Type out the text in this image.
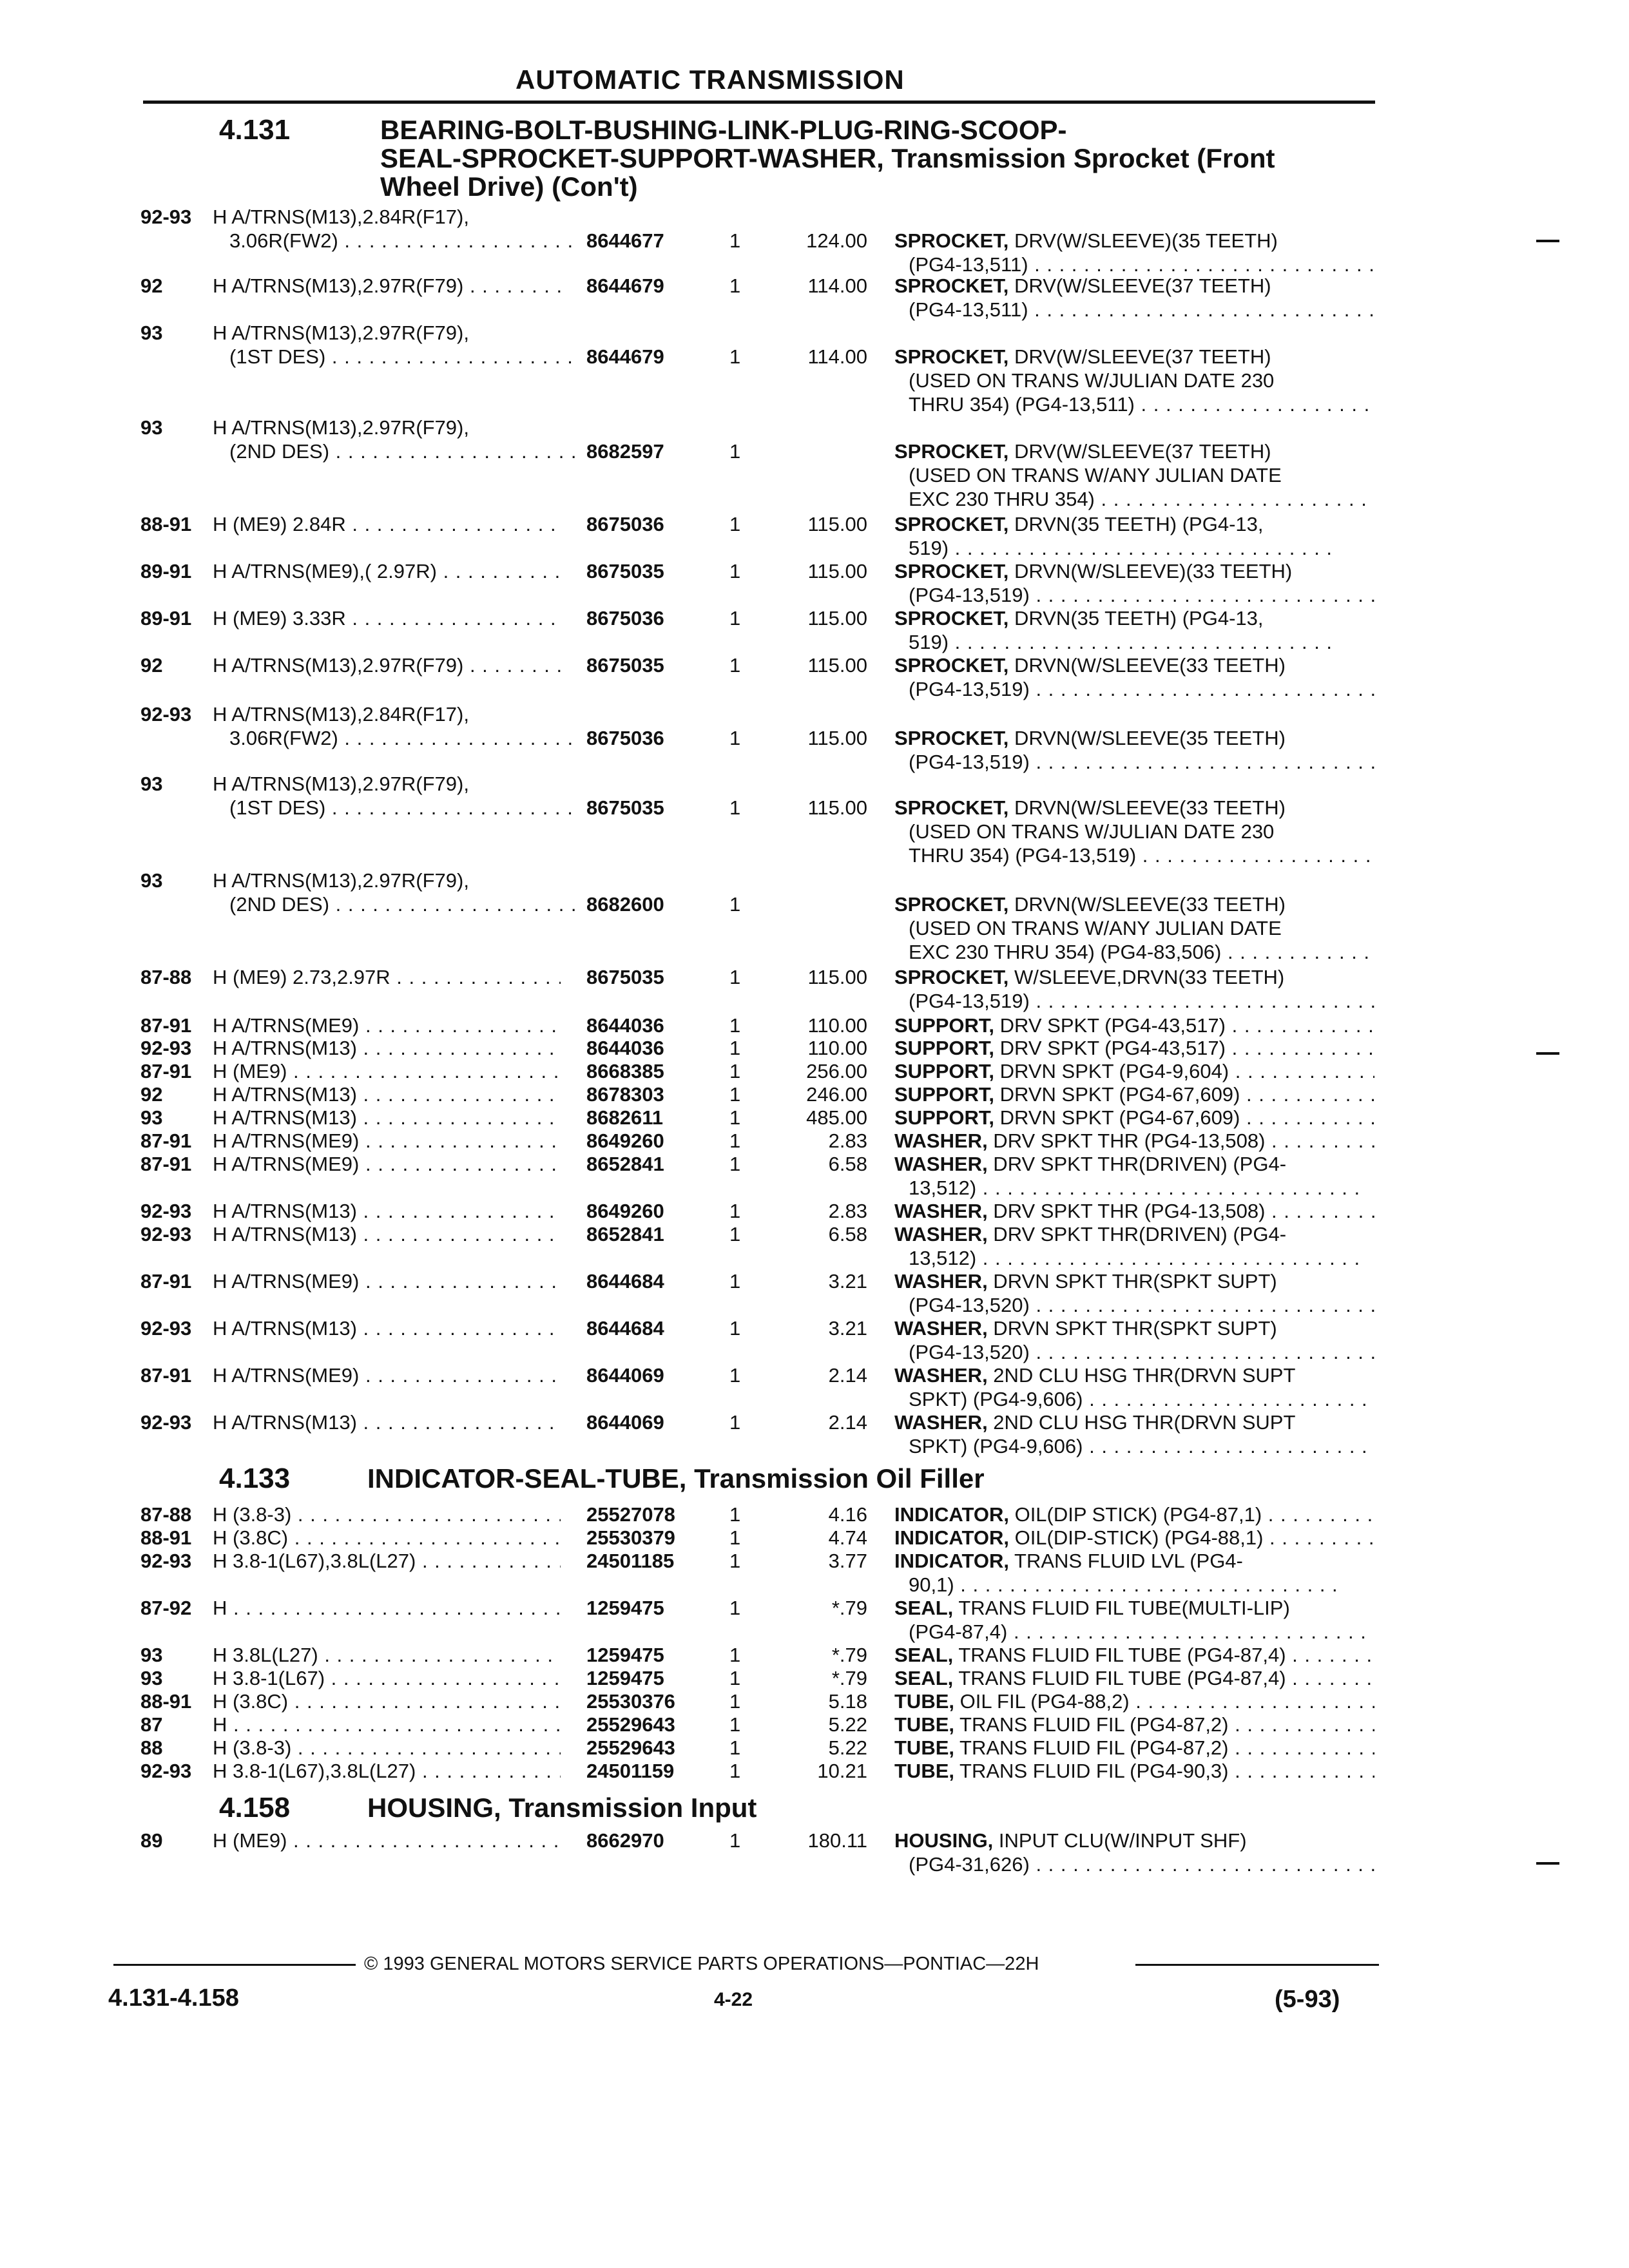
AUTOMATIC TRANSMISSION
4.131	BEARING-BOLT-BUSHING-LINK-PLUG-RING-SCOOP-
SEAL-SPROCKET-SUPPORT-WASHER, Transmission Sprocket (Front
Wheel Drive) (Con't)
92-93 H A/TRNS(M13),2.84R(F17),
3.06R(FW2) . . .	8644677	1	124.00 SPROCKET, DRV(W/SLEEVE)(35 TEETH)
(PG4-13,511) . . .
92	H A/TRNS(M13),2.97R(F79) . . .	8644679	1	114.00 SPROCKET, DRV(W/SLEEVE(37 TEETH)
(PG4-13,511) . . .
93	H A/TRNS(M13),2.97R(F79),
(1ST DES) . . .	8644679	1	114.00 SPROCKET, DRV(W/SLEEVE(37 TEETH)
(USED ON TRANS W/JULIAN DATE 230
THRU 354) (PG4-13,511) . . .
93	H A/TRNS(M13),2.97R(F79),
(2ND DES) . . .	8682597	1	SPROCKET, DRV(W/SLEEVE(37 TEETH)
(USED ON TRANS W/ANY JULIAN DATE
EXC 230 THRU 354) . . .
88-91 H (ME9) 2.84R . . .	8675036	1	115.00 SPROCKET, DRVN(35 TEETH) (PG4-13,
519) . . .
89-91 H A/TRNS(ME9),( 2.97R) . . .	8675035	1	115.00 SPROCKET, DRVN(W/SLEEVE)(33 TEETH)
(PG4-13,519) . . .
89-91 H (ME9) 3.33R . . .	8675036	1	115.00 SPROCKET, DRVN(35 TEETH) (PG4-13,
519) . . .
92	H A/TRNS(M13),2.97R(F79) . . .	8675035	1	115.00 SPROCKET, DRVN(W/SLEEVE(33 TEETH)
(PG4-13,519) . . .
92-93 H A/TRNS(M13),2.84R(F17),
3.06R(FW2) . . .	8675036	1	115.00 SPROCKET, DRVN(W/SLEEVE(35 TEETH)
(PG4-13,519) . . .
93	H A/TRNS(M13),2.97R(F79),
(1ST DES) . . .	8675035	1	115.00 SPROCKET, DRVN(W/SLEEVE(33 TEETH)
(USED ON TRANS W/JULIAN DATE 230
THRU 354) (PG4-13,519) . . .
93	H A/TRNS(M13),2.97R(F79),
(2ND DES) . . .	8682600	1	SPROCKET, DRVN(W/SLEEVE(33 TEETH)
(USED ON TRANS W/ANY JULIAN DATE
EXC 230 THRU 354) (PG4-83,506) . . .
87-88 H (ME9) 2.73,2.97R . . .	8675035	1	115.00 SPROCKET, W/SLEEVE,DRVN(33 TEETH)
(PG4-13,519) . . .
87-91 H A/TRNS(ME9) . . .	8644036	1	110.00 SUPPORT, DRV SPKT (PG4-43,517) . . .
92-93 H A/TRNS(M13) . . .	8644036	1	110.00 SUPPORT, DRV SPKT (PG4-43,517) . . .
87-91 H (ME9) . . .	8668385	1	256.00 SUPPORT, DRVN SPKT (PG4-9,604) . . .
92	H A/TRNS(M13) . . .	8678303	1	246.00 SUPPORT, DRVN SPKT (PG4-67,609) . . .
93	H A/TRNS(M13) . . .	8682611	1	485.00 SUPPORT, DRVN SPKT (PG4-67,609) . . .
87-91 H A/TRNS(ME9) . . .	8649260	1	2.83 WASHER, DRV SPKT THR (PG4-13,508) . . .
87-91 H A/TRNS(ME9) . . .	8652841	1	6.58 WASHER, DRV SPKT THR(DRIVEN) (PG4-
13,512) . . .
92-93 H A/TRNS(M13) . . .	8649260	1	2.83 WASHER, DRV SPKT THR (PG4-13,508) . . .
92-93 H A/TRNS(M13) . . .	8652841	1	6.58 WASHER, DRV SPKT THR(DRIVEN) (PG4-
13,512) . . .
87-91 H A/TRNS(ME9) . . .	8644684	1	3.21 WASHER, DRVN SPKT THR(SPKT SUPT)
(PG4-13,520) . . .
92-93 H A/TRNS(M13) . . .	8644684	1	3.21 WASHER, DRVN SPKT THR(SPKT SUPT)
(PG4-13,520) . . .
87-91 H A/TRNS(ME9) . . .	8644069	1	2.14 WASHER, 2ND CLU HSG THR(DRVN SUPT
SPKT) (PG4-9,606) . . .
92-93 H A/TRNS(M13) . . .	8644069	1	2.14 WASHER, 2ND CLU HSG THR(DRVN SUPT
SPKT) (PG4-9,606) . . .
4.133	INDICATOR-SEAL-TUBE, Transmission Oil Filler
87-88 H (3.8-3) . . .	25527078	1	4.16 INDICATOR, OIL(DIP STICK) (PG4-87,1) . . .
88-91 H (3.8C) . . .	25530379	1	4.74 INDICATOR, OIL(DIP-STICK) (PG4-88,1) . . .
92-93 H 3.8-1(L67),3.8L(L27) . . .	24501185	1	3.77 INDICATOR, TRANS FLUID LVL (PG4-
90,1) . . .
87-92 H . . .	1259475	1	*.79 SEAL, TRANS FLUID FIL TUBE(MULTI-LIP)
(PG4-87,4) . . .
93	H 3.8L(L27) . . .	1259475	1	*.79 SEAL, TRANS FLUID FIL TUBE (PG4-87,4) . . .
93	H 3.8-1(L67) . . .	1259475	1	*.79 SEAL, TRANS FLUID FIL TUBE (PG4-87,4) . . .
88-91 H (3.8C) . . .	25530376	1	5.18 TUBE, OIL FIL (PG4-88,2) . . .
87	H . . .	25529643	1	5.22 TUBE, TRANS FLUID FIL (PG4-87,2) . . .
88	H (3.8-3) . . .	25529643	1	5.22 TUBE, TRANS FLUID FIL (PG4-87,2) . . .
92-93 H 3.8-1(L67),3.8L(L27) . . .	24501159	1	10.21 TUBE, TRANS FLUID FIL (PG4-90,3) . . .
4.158	HOUSING, Transmission Input
89	H (ME9) . . .	8662970	1	180.11 HOUSING, INPUT CLU(W/INPUT SHF)
(PG4-31,626) . . .
© 1993 GENERAL MOTORS SERVICE PARTS OPERATIONS—PONTIAC—22H
4.131-4.158	4-22	(5-93)
